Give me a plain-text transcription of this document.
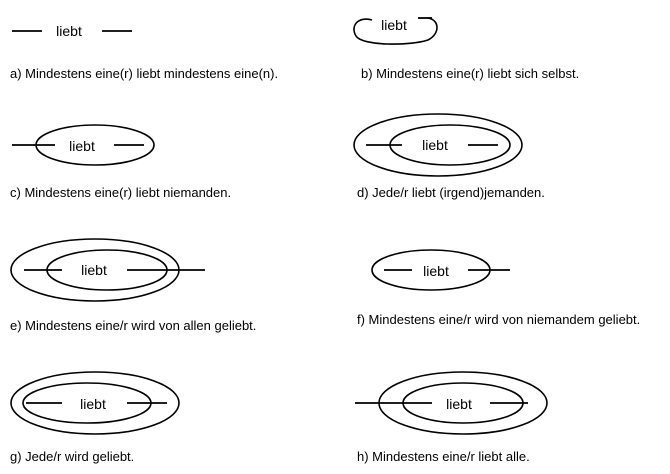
liebt
a) Mindestens eine(r) liebt mindestens eine(n).
liebt
b) Mindestens eine(r) liebt sich selbst.
liebt
c) Mindestens eine(r) liebt niemanden.
liebt
d) Jede/r liebt (irgend)jemanden.
liebt
e) Mindestens eine/r wird von allen geliebt.
liebt
f) Mindestens eine/r wird von niemandem geliebt.
liebt
g) Jede/r wird geliebt.
liebt
h) Mindestens eine/r liebt alle.
